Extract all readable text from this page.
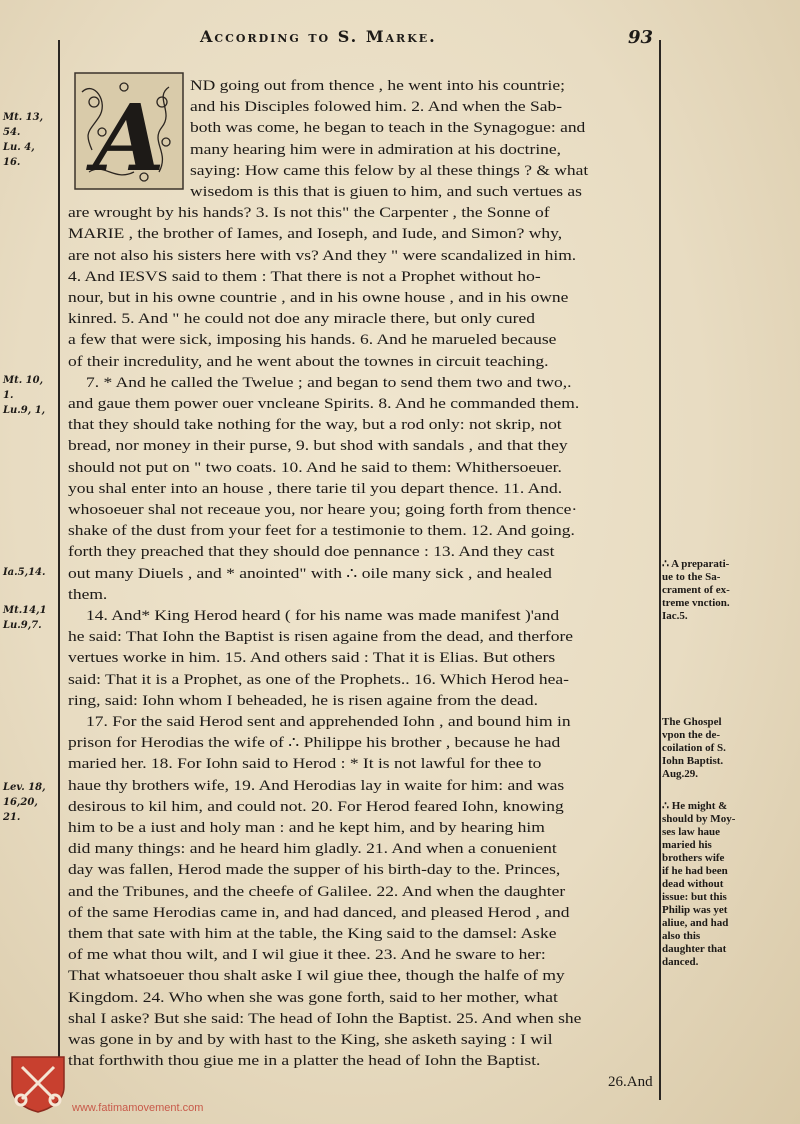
According to S. Marke.	93
Mt. 13,
54.
Lu. 4,
16.
Mt. 10,
1.
Lu.9, 1,
Ia.5,14.
Mt.14,1
Lu.9,7.
Lev. 18,
16,20,
21.
A ND going out from thence , he went into his countrie;
and his Disciples folowed him. 2. And when the Sab-
both was come, he began to teach in the Synagogue: and
many hearing him were in admiration at his doctrine,
saying: How came this felow by al these things ? & what
wisedom is this that is giuen to him, and such vertues as
are wrought by his hands? 3. Is not this" the Carpenter , the Sonne of
MARIE , the brother of Iames, and Ioseph, and Iude, and Simon? why,
are not also his sisters here with vs? And they " were scandalized in him.
4. And IESVS said to them : That there is not a Prophet without ho-
nour, but in his owne countrie , and in his owne house , and in his owne
kinred. 5. And " he could not doe any miracle there, but only cured
a few that were sick, imposing his hands. 6. And he marueled because
of their incredulity, and he went about the townes in circuit teaching.
7. * And he called the Twelue ; and began to send them two and two,.
and gaue them power ouer vncleane Spirits. 8. And he commanded them.
that they should take nothing for the way, but a rod only: not skrip, not
bread, nor money in their purse, 9. but shod with sandals , and that they
should not put on " two coats. 10. And he said to them: Whithersoeuer.
you shal enter into an house , there tarie til you depart thence. 11. And.
whosoeuer shal not receaue you, nor heare you; going forth from thence·
shake of the dust from your feet for a testimonie to them. 12. And going.
forth they preached that they should doe pennance : 13. And they cast
out many Diuels , and * anointed" with ∴ oile many sick , and healed
them.
14. And* King Herod heard ( for his name was made manifest )'and
he said: That Iohn the Baptist is risen againe from the dead, and therfore
vertues worke in him. 15. And others said : That it is Elias. But others
said: That it is a Prophet, as one of the Prophets.. 16. Which Herod hea-
ring, said: Iohn whom I beheaded, he is risen againe from the dead.
17. For the said Herod sent and apprehended Iohn , and bound him in
prison for Herodias the wife of ∴ Philippe his brother , because he had
maried her. 18. For Iohn said to Herod : * It is not lawful for thee to
haue thy brothers wife, 19. And Herodias lay in waite for him: and was
desirous to kil him, and could not. 20. For Herod feared Iohn, knowing
him to be a iust and holy man : and he kept him, and by hearing him
did many things: and he heard him gladly. 21. And when a conuenient
day was fallen, Herod made the supper of his birth-day to the. Princes,
and the Tribunes, and the cheefe of Galilee. 22. And when the daughter
of the same Herodias came in, and had danced, and pleased Herod , and
them that sate with him at the table, the King said to the damsel: Aske
of me what thou wilt, and I wil giue it thee. 23. And he sware to her:
That whatsoeuer thou shalt aske I wil giue thee, though the halfe of my
Kingdom. 24. Who when she was gone forth, said to her mother, what
shal I aske? But she said: The head of Iohn the Baptist. 25. And when she
was gone in by and by with hast to the King, she asketh saying : I wil
that forthwith thou giue me in a platter the head of Iohn the Baptist.
∴ A preparati-
ue to the Sa-
crament of ex-
treme vnction.
Iac.5.
The Ghospel
vpon the de-
coilation of S.
Iohn Baptist.
Aug.29.
∴ He might &
should by Moy-
ses law haue
maried his
brothers wife
if he had been
dead without
issue: but this
Philip was yet
aliue, and had
also this
daughter that
danced.
www.fatimamovement.com
26.And
